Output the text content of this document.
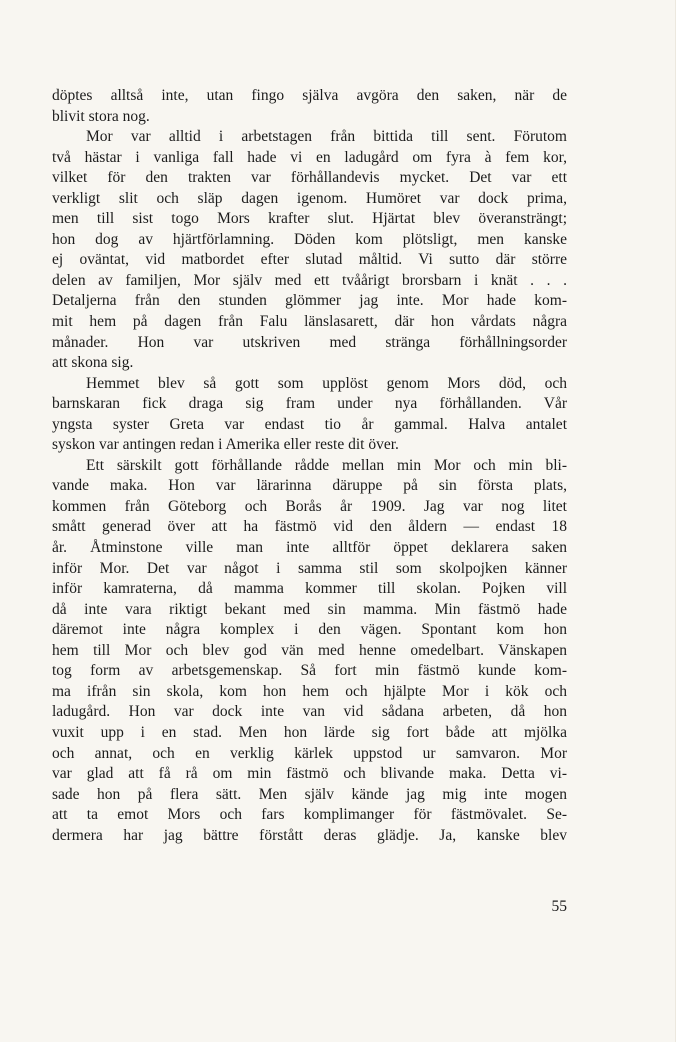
döptes alltså inte, utan fingo själva avgöra den saken, när de
blivit stora nog.
Mor var alltid i arbetstagen från bittida till sent. Förutom
två hästar i vanliga fall hade vi en ladugård om fyra à fem kor,
vilket för den trakten var förhållandevis mycket. Det var ett
verkligt slit och släp dagen igenom. Humöret var dock prima,
men till sist togo Mors krafter slut. Hjärtat blev överansträngt;
hon dog av hjärtförlamning. Döden kom plötsligt, men kanske
ej oväntat, vid matbordet efter slutad måltid. Vi sutto där större
delen av familjen, Mor själv med ett tvåårigt brorsbarn i knät . . .
Detaljerna från den stunden glömmer jag inte. Mor hade kom-
mit hem på dagen från Falu länslasarett, där hon vårdats några
månader. Hon var utskriven med stränga förhållningsorder
att skona sig.
Hemmet blev så gott som upplöst genom Mors död, och
barnskaran fick draga sig fram under nya förhållanden. Vår
yngsta syster Greta var endast tio år gammal. Halva antalet
syskon var antingen redan i Amerika eller reste dit över.
Ett särskilt gott förhållande rådde mellan min Mor och min bli-
vande maka. Hon var lärarinna däruppe på sin första plats,
kommen från Göteborg och Borås år 1909. Jag var nog litet
smått generad över att ha fästmö vid den åldern — endast 18
år. Åtminstone ville man inte alltför öppet deklarera saken
inför Mor. Det var något i samma stil som skolpojken känner
inför kamraterna, då mamma kommer till skolan. Pojken vill
då inte vara riktigt bekant med sin mamma. Min fästmö hade
däremot inte några komplex i den vägen. Spontant kom hon
hem till Mor och blev god vän med henne omedelbart. Vänskapen
tog form av arbetsgemenskap. Så fort min fästmö kunde kom-
ma ifrån sin skola, kom hon hem och hjälpte Mor i kök och
ladugård. Hon var dock inte van vid sådana arbeten, då hon
vuxit upp i en stad. Men hon lärde sig fort både att mjölka
och annat, och en verklig kärlek uppstod ur samvaron. Mor
var glad att få rå om min fästmö och blivande maka. Detta vi-
sade hon på flera sätt. Men själv kände jag mig inte mogen
att ta emot Mors och fars komplimanger för fästmövalet. Se-
dermera har jag bättre förstått deras glädje. Ja, kanske blev
55
